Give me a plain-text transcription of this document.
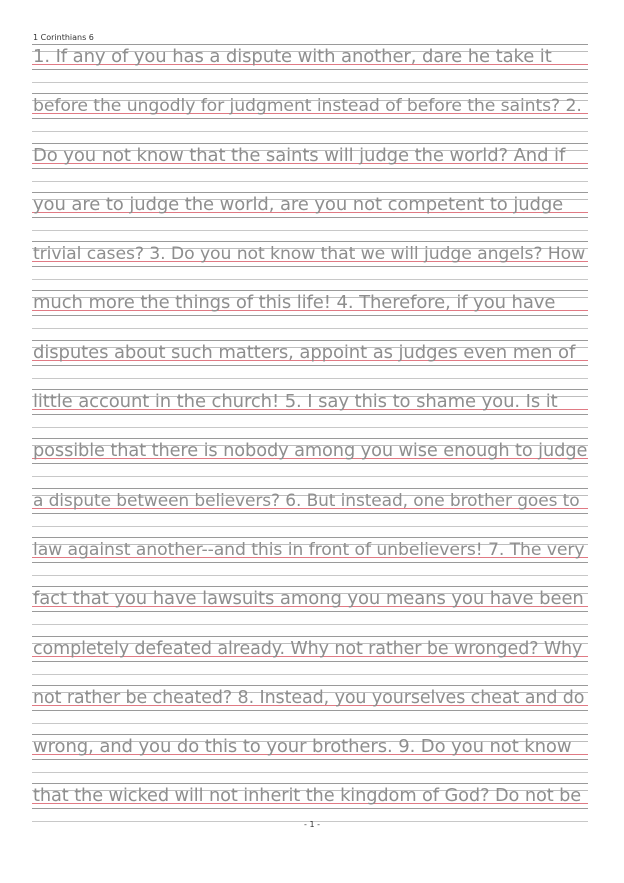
1 Corinthians 6
1. If any of you has a dispute with another, dare he take it
before the ungodly for judgment instead of before the saints? 2.
Do you not know that the saints will judge the world? And if
you are to judge the world, are you not competent to judge
trivial cases? 3. Do you not know that we will judge angels? How
much more the things of this life! 4. Therefore, if you have
disputes about such matters, appoint as judges even men of
little account in the church! 5. I say this to shame you. Is it
possible that there is nobody among you wise enough to judge
a dispute between believers? 6. But instead, one brother goes to
law against another--and this in front of unbelievers! 7. The very
fact that you have lawsuits among you means you have been
completely defeated already. Why not rather be wronged? Why
not rather be cheated? 8. Instead, you yourselves cheat and do
wrong, and you do this to your brothers. 9. Do you not know
that the wicked will not inherit the kingdom of God? Do not be
- 1 -
